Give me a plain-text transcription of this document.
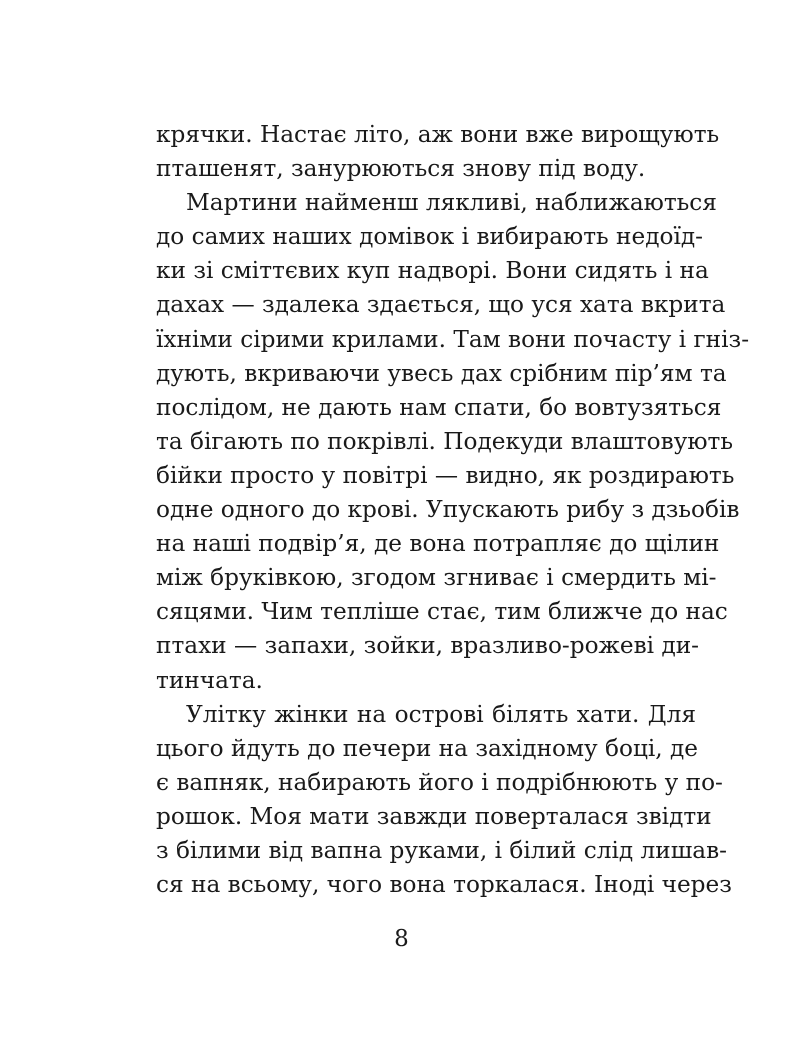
крячки. Настає літо, аж вони вже вирощують
пташенят, занурюються знову під воду.
Мартини найменш лякливі, наближаються
до самих наших домівок і вибирають недоїд-
ки зі сміттєвих куп надворі. Вони сидять і на
дахах — здалека здається, що уся хата вкрита
їхніми сірими крилами. Там вони почасту і гніз-
дують, вкриваючи увесь дах срібним пір’ям та
послідом, не дають нам спати, бо вовтузяться
та бігають по покрівлі. Подекуди влаштовують
бійки просто у повітрі — видно, як роздирають
одне одного до крові. Упускають рибу з дзьобів
на наші подвір’я, де вона потрапляє до щілин
між бруківкою, згодом згниває і смердить мі-
сяцями. Чим тепліше стає, тим ближче до нас
птахи — запахи, зойки, вразливо-рожеві ди-
тинчата.
Улітку жінки на острові білять хати. Для
цього йдуть до печери на західному боці, де
є вапняк, набирають його і подрібнюють у по-
рошок. Моя мати завжди поверталася звідти
з білими від вапна руками, і білий слід лишав-
ся на всьому, чого вона торкалася. Іноді через
8
